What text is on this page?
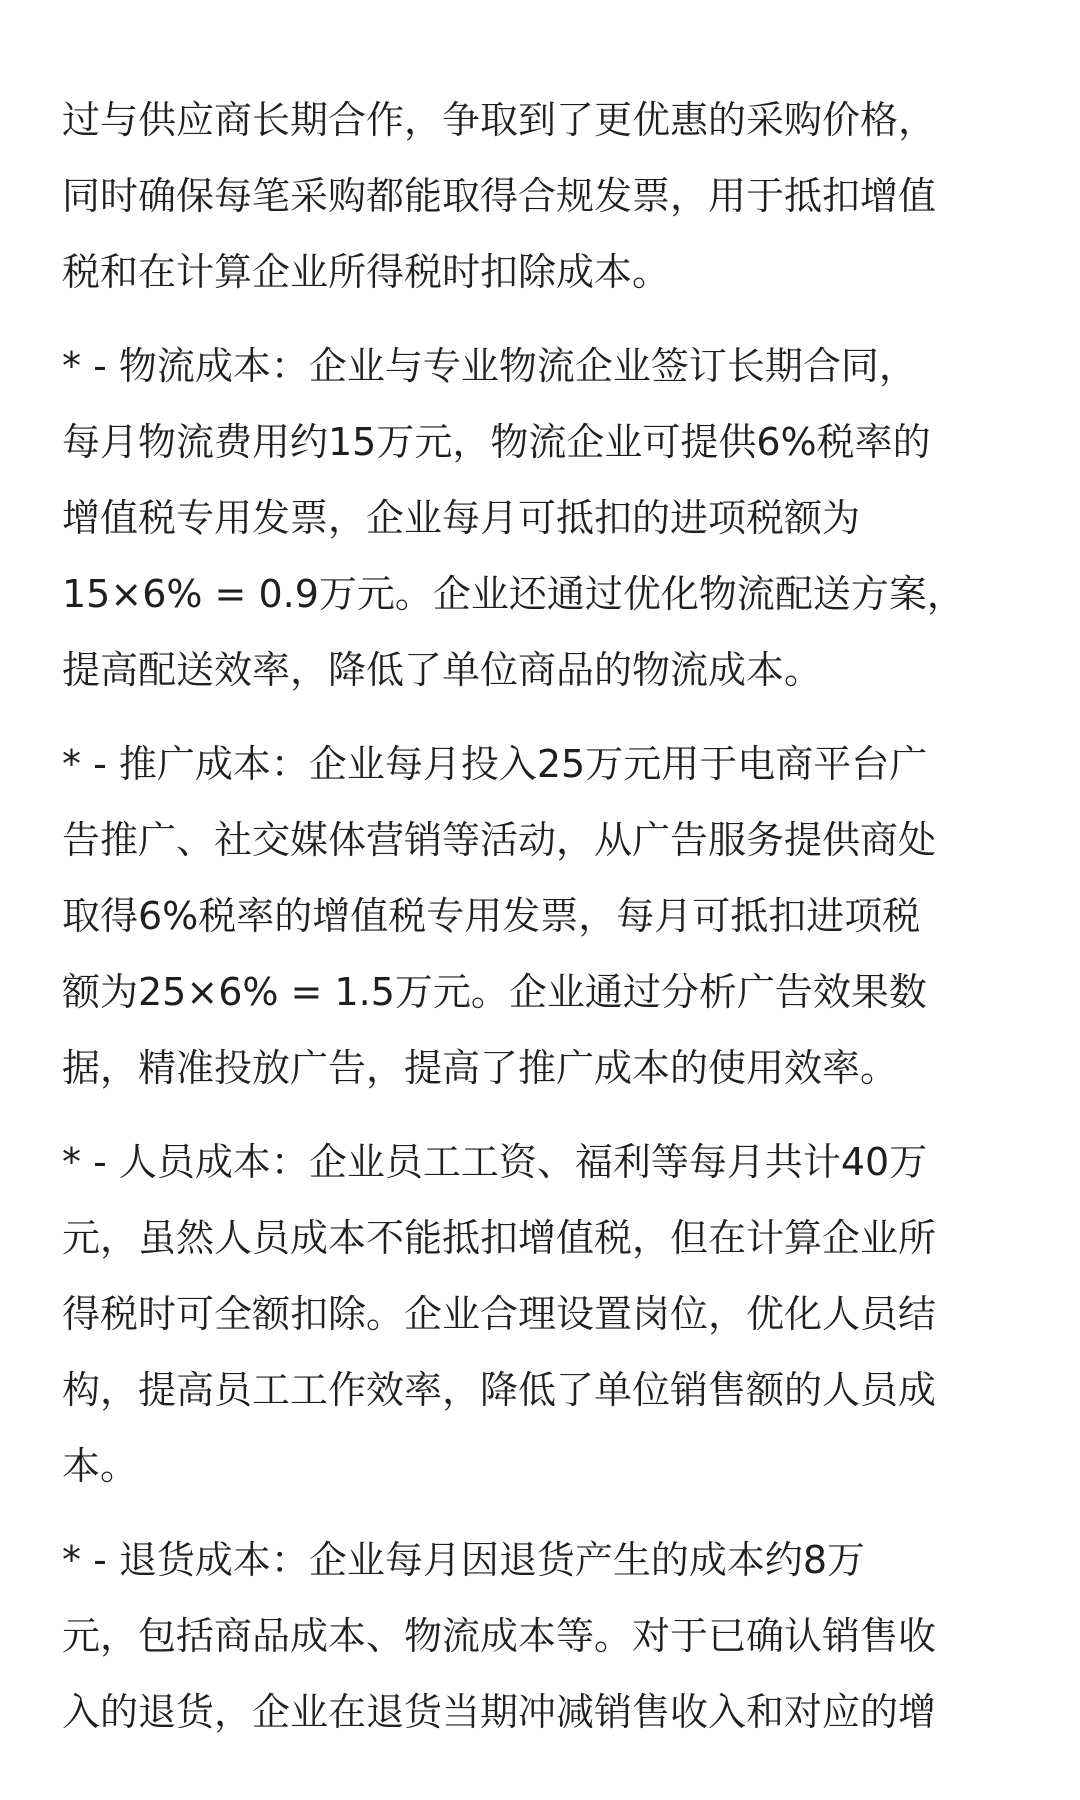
过与供应商长期合作，争取到了更优惠的采购价格，
同时确保每笔采购都能取得合规发票，用于抵扣增值
税和在计算企业所得税时扣除成本。
* - 物流成本：企业与专业物流企业签订长期合同，
每月物流费用约15万元，物流企业可提供6%税率的
增值税专用发票，企业每月可抵扣的进项税额为
15×6% = 0.9万元。企业还通过优化物流配送方案，
提高配送效率，降低了单位商品的物流成本。
* - 推广成本：企业每月投入25万元用于电商平台广
告推广、社交媒体营销等活动，从广告服务提供商处
取得6%税率的增值税专用发票，每月可抵扣进项税
额为25×6% = 1.5万元。企业通过分析广告效果数
据，精准投放广告，提高了推广成本的使用效率。
* - 人员成本：企业员工工资、福利等每月共计40万
元，虽然人员成本不能抵扣增值税，但在计算企业所
得税时可全额扣除。企业合理设置岗位，优化人员结
构，提高员工工作效率，降低了单位销售额的人员成
本。
* - 退货成本：企业每月因退货产生的成本约8万
元，包括商品成本、物流成本等。对于已确认销售收
入的退货，企业在退货当期冲减销售收入和对应的增
